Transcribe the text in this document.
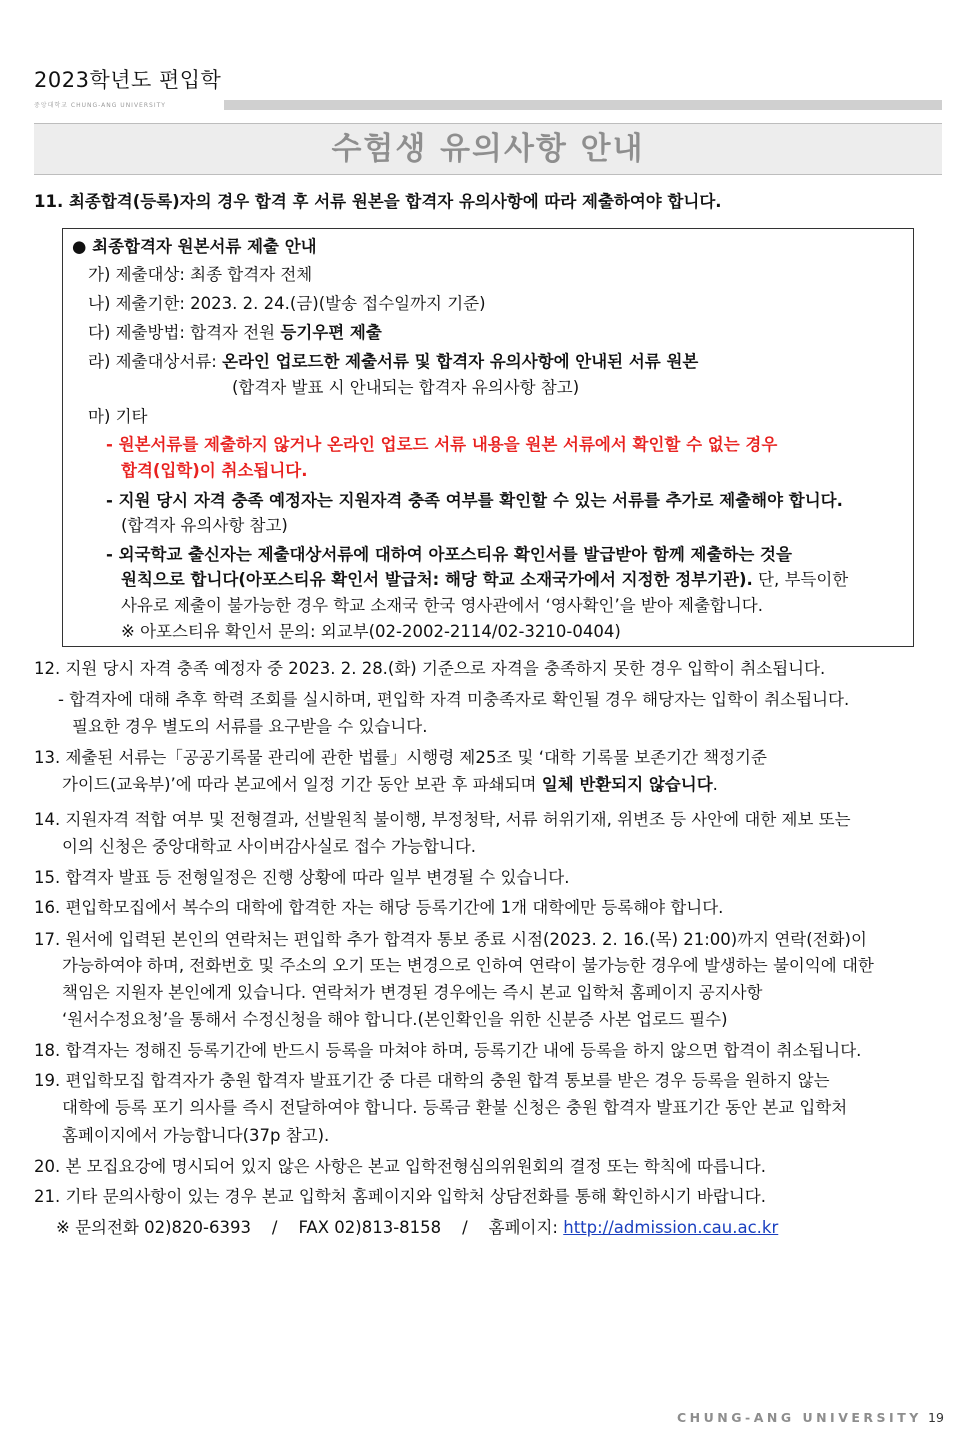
2023학년도 편입학
중앙대학교 CHUNG-ANG UNIVERSITY
수험생 유의사항 안내
11. 최종합격(등록)자의 경우 합격 후 서류 원본을 합격자 유의사항에 따라 제출하여야 합니다.
● 최종합격자 원본서류 제출 안내
가) 제출대상: 최종 합격자 전체
나) 제출기한: 2023. 2. 24.(금)(발송 접수일까지 기준)
다) 제출방법: 합격자 전원 등기우편 제출
라) 제출대상서류: 온라인 업로드한 제출서류 및 합격자 유의사항에 안내된 서류 원본
(합격자 발표 시 안내되는 합격자 유의사항 참고)
마) 기타
- 원본서류를 제출하지 않거나 온라인 업로드 서류 내용을 원본 서류에서 확인할 수 없는 경우
합격(입학)이 취소됩니다.
- 지원 당시 자격 충족 예정자는 지원자격 충족 여부를 확인할 수 있는 서류를 추가로 제출해야 합니다.
(합격자 유의사항 참고)
- 외국학교 출신자는 제출대상서류에 대하여 아포스티유 확인서를 발급받아 함께 제출하는 것을
원칙으로 합니다(아포스티유 확인서 발급처: 해당 학교 소재국가에서 지정한 정부기관). 단, 부득이한
사유로 제출이 불가능한 경우 학교 소재국 한국 영사관에서 ‘영사확인’을 받아 제출합니다.
※ 아포스티유 확인서 문의: 외교부(02-2002-2114/02-3210-0404)
12. 지원 당시 자격 충족 예정자 중 2023. 2. 28.(화) 기준으로 자격을 충족하지 못한 경우 입학이 취소됩니다.
- 합격자에 대해 추후 학력 조회를 실시하며, 편입학 자격 미충족자로 확인될 경우 해당자는 입학이 취소됩니다.
필요한 경우 별도의 서류를 요구받을 수 있습니다.
13. 제출된 서류는「공공기록물 관리에 관한 법률」시행령 제25조 및 ‘대학 기록물 보존기간 책정기준
가이드(교육부)’에 따라 본교에서 일정 기간 동안 보관 후 파쇄되며 일체 반환되지 않습니다.
14. 지원자격 적합 여부 및 전형결과, 선발원칙 불이행, 부정청탁, 서류 허위기재, 위변조 등 사안에 대한 제보 또는
이의 신청은 중앙대학교 사이버감사실로 접수 가능합니다.
15. 합격자 발표 등 전형일정은 진행 상황에 따라 일부 변경될 수 있습니다.
16. 편입학모집에서 복수의 대학에 합격한 자는 해당 등록기간에 1개 대학에만 등록해야 합니다.
17. 원서에 입력된 본인의 연락처는 편입학 추가 합격자 통보 종료 시점(2023. 2. 16.(목) 21:00)까지 연락(전화)이
가능하여야 하며, 전화번호 및 주소의 오기 또는 변경으로 인하여 연락이 불가능한 경우에 발생하는 불이익에 대한
책임은 지원자 본인에게 있습니다. 연락처가 변경된 경우에는 즉시 본교 입학처 홈페이지 공지사항
‘원서수정요청’을 통해서 수정신청을 해야 합니다.(본인확인을 위한 신분증 사본 업로드 필수)
18. 합격자는 정해진 등록기간에 반드시 등록을 마쳐야 하며, 등록기간 내에 등록을 하지 않으면 합격이 취소됩니다.
19. 편입학모집 합격자가 충원 합격자 발표기간 중 다른 대학의 충원 합격 통보를 받은 경우 등록을 원하지 않는
대학에 등록 포기 의사를 즉시 전달하여야 합니다. 등록금 환불 신청은 충원 합격자 발표기간 동안 본교 입학처
홈페이지에서 가능합니다(37p 참고).
20. 본 모집요강에 명시되어 있지 않은 사항은 본교 입학전형심의위원회의 결정 또는 학칙에 따릅니다.
21. 기타 문의사항이 있는 경우 본교 입학처 홈페이지와 입학처 상담전화를 통해 확인하시기 바랍니다.
※ 문의전화 02)820-6393    /    FAX 02)813-8158    /    홈페이지: http://admission.cau.ac.kr
CHUNG-ANG UNIVERSITY 19
